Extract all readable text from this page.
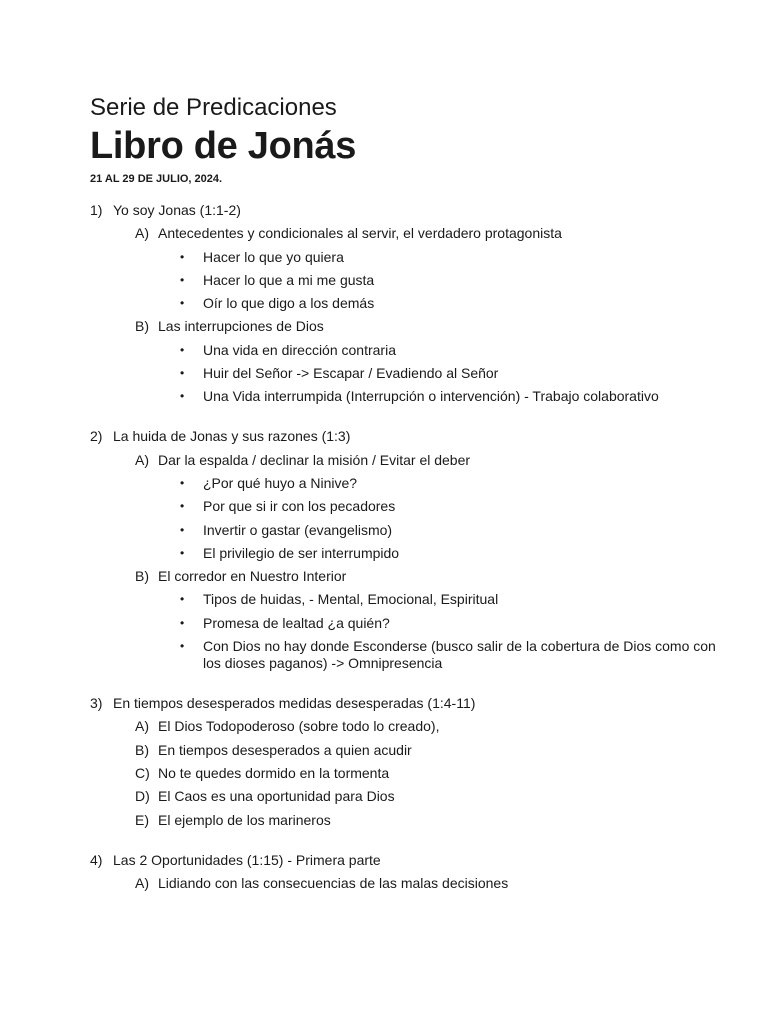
Serie de Predicaciones
Libro de Jonás
21 AL 29 DE JULIO, 2024.
1) Yo soy Jonas (1:1-2)
A) Antecedentes y condicionales al servir, el verdadero protagonista
•	Hacer lo que yo quiera
•	Hacer lo que a mi me gusta
•	Oír lo que digo a los demás
B) Las interrupciones de Dios
•	Una vida en dirección contraria
•	Huir del Señor -> Escapar / Evadiendo al Señor
•	Una Vida interrumpida (Interrupción o intervención) - Trabajo colaborativo
2) La huida de Jonas y sus razones (1:3)
A) Dar la espalda / declinar la misión / Evitar el deber
•	¿Por qué huyo a Ninive?
•	Por que si ir con los pecadores
•	Invertir o gastar (evangelismo)
•	El privilegio de ser interrumpido
B) El corredor en Nuestro Interior
•	Tipos de huidas, - Mental, Emocional, Espiritual
•	Promesa de lealtad ¿a quién?
•	Con Dios no hay donde Esconderse (busco salir de la cobertura de Dios como con los dioses paganos) -> Omnipresencia
3) En tiempos desesperados medidas desesperadas (1:4-11)
A) El Dios Todopoderoso (sobre todo lo creado),
B) En tiempos desesperados a quien acudir
C) No te quedes dormido en la tormenta
D) El Caos es una oportunidad para Dios
E) El ejemplo de los marineros
4) Las 2 Oportunidades (1:15) - Primera parte
A) Lidiando con las consecuencias de las malas decisiones
